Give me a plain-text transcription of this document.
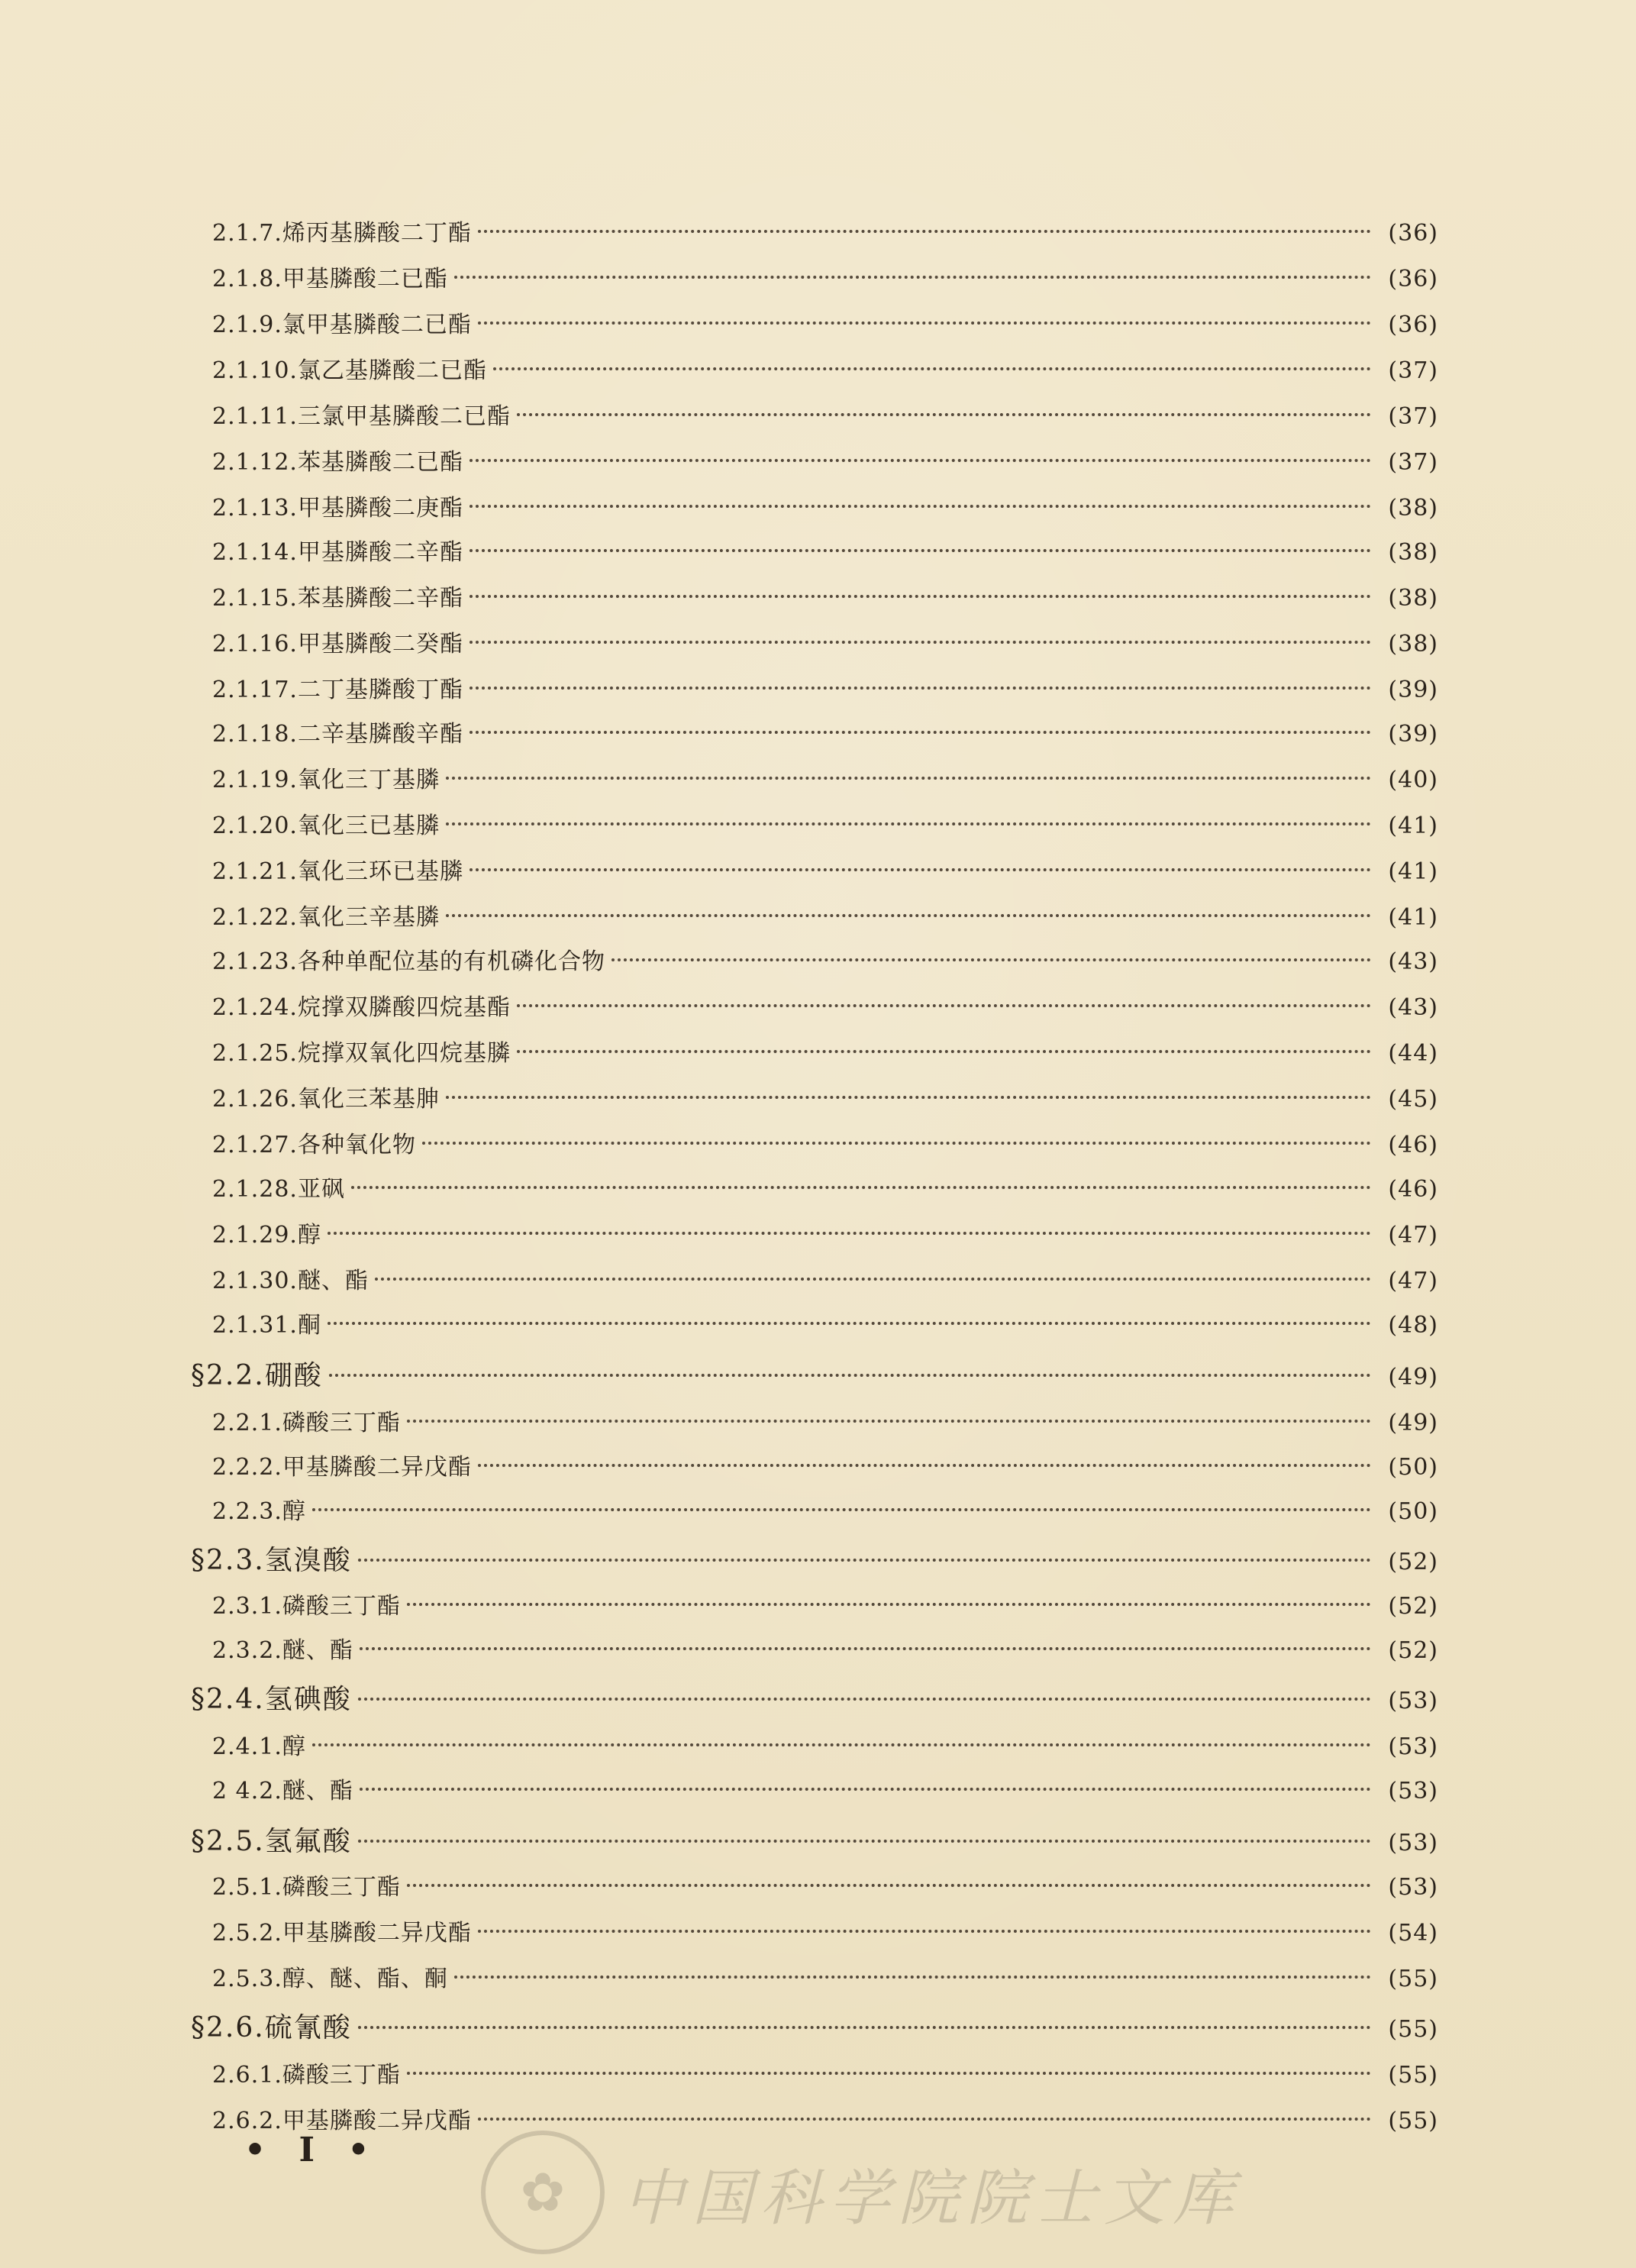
2.1.7.烯丙基膦酸二丁酯	(36)
2.1.8.甲基膦酸二已酯	(36)
2.1.9.氯甲基膦酸二已酯	(36)
2.1.10.氯乙基膦酸二已酯	(37)
2.1.11.三氯甲基膦酸二已酯	(37)
2.1.12.苯基膦酸二已酯	(37)
2.1.13.甲基膦酸二庚酯	(38)
2.1.14.甲基膦酸二辛酯	(38)
2.1.15.苯基膦酸二辛酯	(38)
2.1.16.甲基膦酸二癸酯	(38)
2.1.17.二丁基膦酸丁酯	(39)
2.1.18.二辛基膦酸辛酯	(39)
2.1.19.氧化三丁基膦	(40)
2.1.20.氧化三已基膦	(41)
2.1.21.氧化三环已基膦	(41)
2.1.22.氧化三辛基膦	(41)
2.1.23.各种单配位基的有机磷化合物	(43)
2.1.24.烷撑双膦酸四烷基酯	(43)
2.1.25.烷撑双氧化四烷基膦	(44)
2.1.26.氧化三苯基胂	(45)
2.1.27.各种氧化物	(46)
2.1.28.亚砜	(46)
2.1.29.醇	(47)
2.1.30.醚、酯	(47)
2.1.31.酮	(48)
§2.2.硼酸	(49)
2.2.1.磷酸三丁酯	(49)
2.2.2.甲基膦酸二异戊酯	(50)
2.2.3.醇	(50)
§2.3.氢溴酸	(52)
2.3.1.磷酸三丁酯	(52)
2.3.2.醚、酯	(52)
§2.4.氢碘酸	(53)
2.4.1.醇	(53)
2 4.2.醚、酯	(53)
§2.5.氢氟酸	(53)
2.5.1.磷酸三丁酯	(53)
2.5.2.甲基膦酸二异戊酯	(54)
2.5.3.醇、醚、酯、酮	(55)
§2.6.硫氰酸	(55)
2.6.1.磷酸三丁酯	(55)
2.6.2.甲基膦酸二异戊酯	(55)
• I •
✿ 中国科学院院士文库
